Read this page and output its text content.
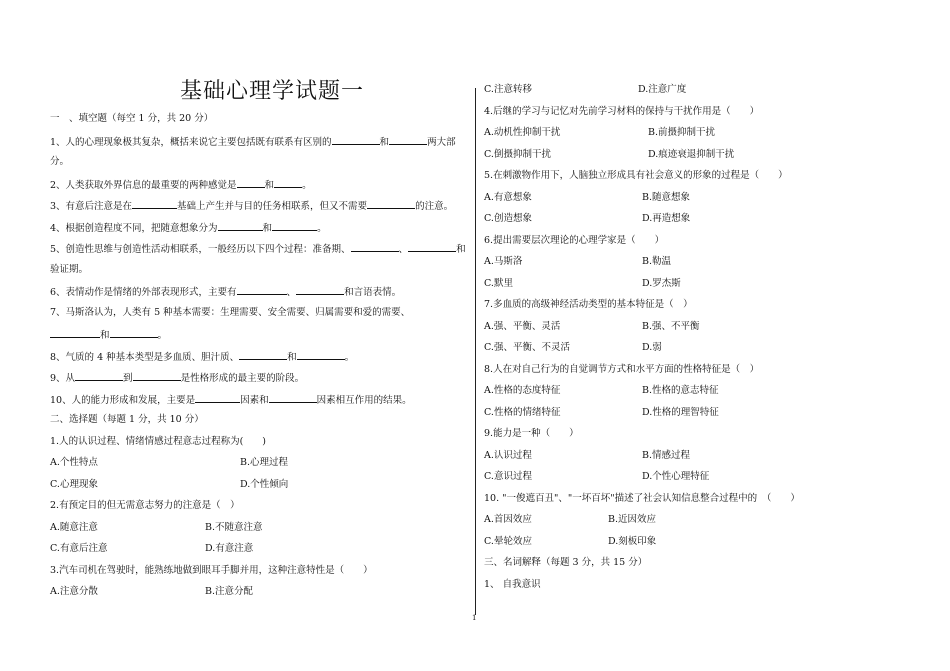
基础心理学试题一
一　、填空题（每空 1 分，共 20 分）
1、人的心理现象极其复杂，概括来说它主要包括既有联系有区别的	和	两大部
分。
2、人类获取外界信息的最重要的两种感觉是	和	。
3、有意后注意是在	基础上产生并与目的任务相联系，但又不需要	的注意。
4、根据创造程度不同，把随意想象分为	和	。
5、创造性思维与创造性活动相联系，一般经历以下四个过程：准备期、	、	和
验证期。
6、表情动作是情绪的外部表现形式，主要有	、	和言语表情。
7、马斯洛认为，人类有 5 种基本需要：生理需要、安全需要、归属需要和爱的需要、
和	。
8、气质的 4 种基本类型是多血质、胆汁质、	和	。
9、从	到	是性格形成的最主要的阶段。
10、人的能力形成和发展，主要是	因素和	因素相互作用的结果。
二、选择题（每题 1 分，共 10 分）
1.人的认识过程、情绪情感过程意志过程称为(　　)
A.个性特点	B.心理过程
C.心理现象	D.个性倾向
2.有预定目的但无需意志努力的注意是（　）
A.随意注意	B.不随意注意
C.有意后注意	D.有意注意
3.汽车司机在驾驶时，能熟练地做到眼耳手脚并用，这种注意特性是（　　）
A.注意分散	B.注意分配
C.注意转移	D.注意广度
4.后继的学习与记忆对先前学习材料的保持与干扰作用是（　　）
A.动机性抑制干扰	B.前摄抑制干扰
C.倒摄抑制干扰	D.痕迹衰退抑制干扰
5.在刺激物作用下，人脑独立形成具有社会意义的形象的过程是（　　）
A.有意想象	B.随意想象
C.创造想象	D.再造想象
6.提出需要层次理论的心理学家是（　　）
A.马斯洛	B.勒温
C.默里	D.罗杰斯
7.多血质的高级神经活动类型的基本特征是（　）
A.强、平衡、灵活	B.强、不平衡
C.强、平衡、不灵活	D.弱
8.人在对自己行为的自觉调节方式和水平方面的性格特征是（　）
A.性格的态度特征	B.性格的意志特征
C.性格的情绪特征	D.性格的理智特征
9.能力是一种（　　）
A.认识过程	B.情感过程
C.意识过程	D.个性心理特征
10. "一俊遮百丑"、"一坏百坏"描述了社会认知信息整合过程中的　（　　）
A.首因效应	B.近因效应
C.晕轮效应	D.刻板印象
三、名词解释（每题 3 分，共 15 分）
1、 自我意识
1
